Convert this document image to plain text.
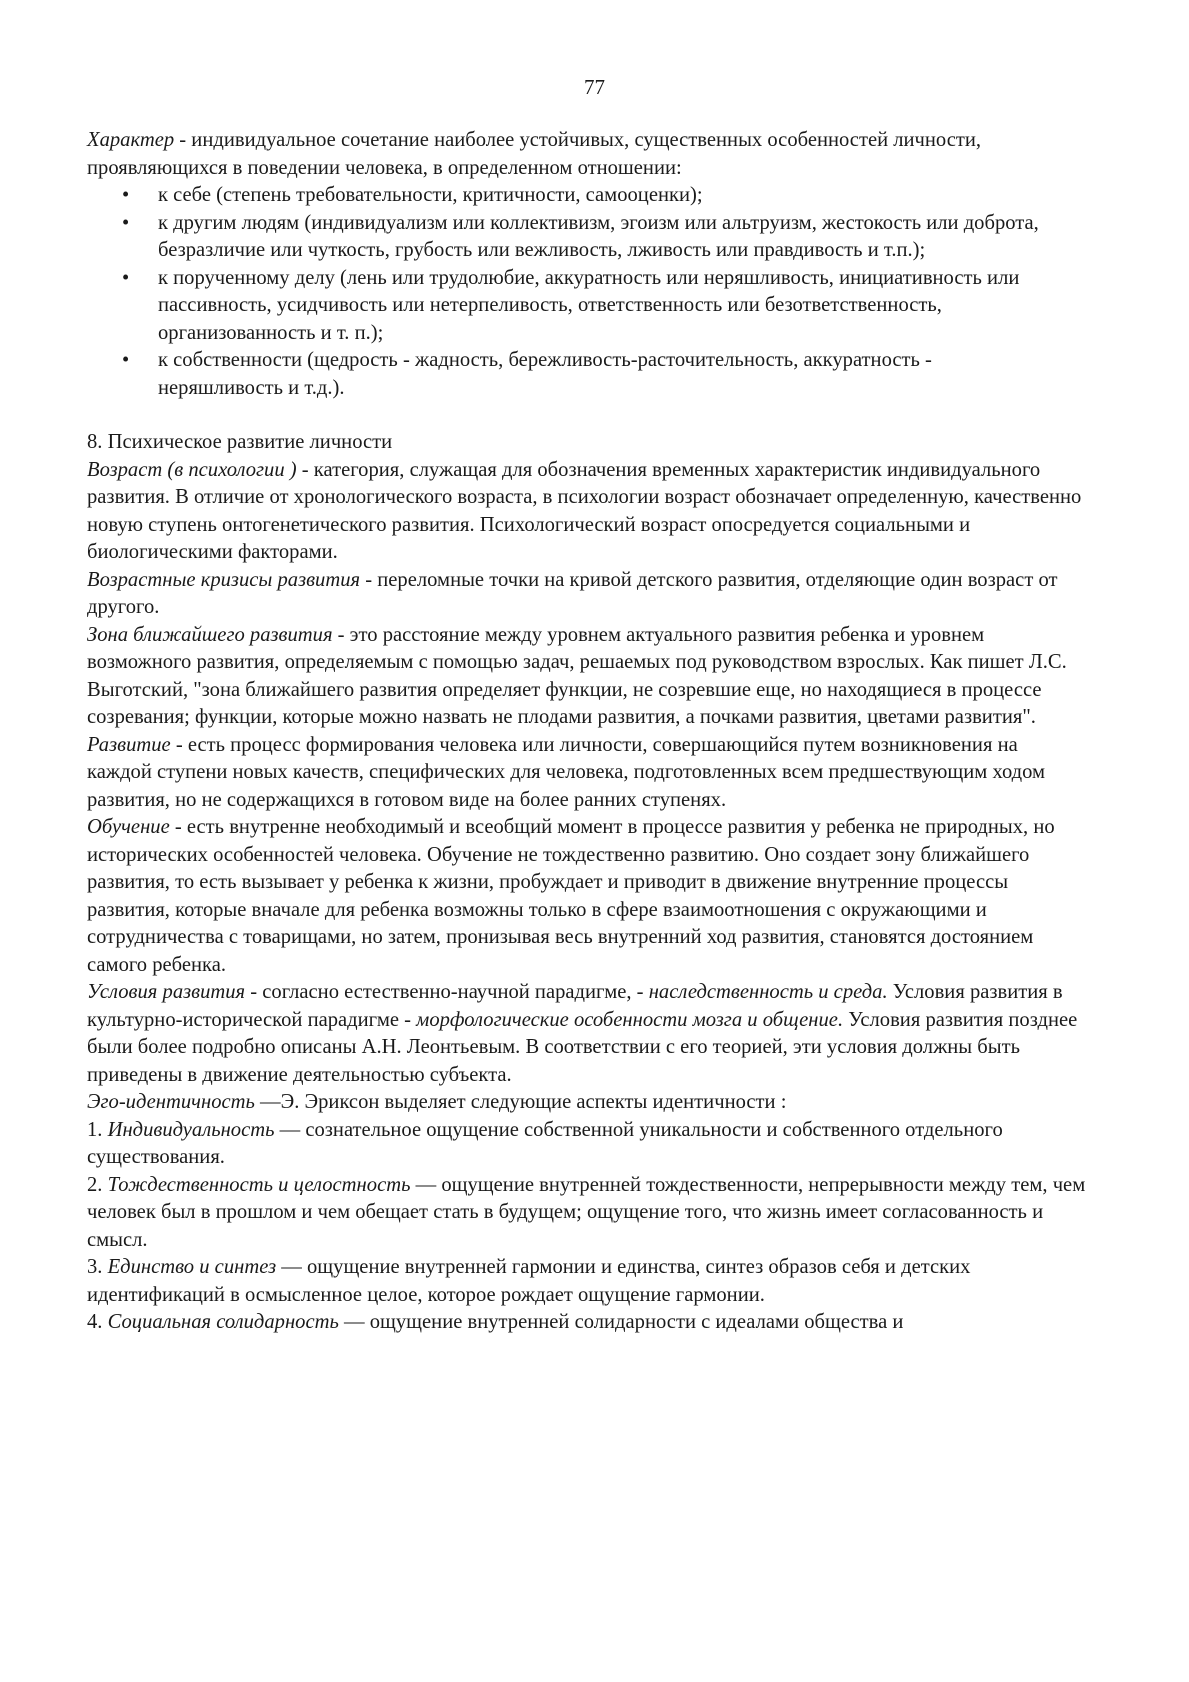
77

Характер - индивидуальное сочетание наиболее устойчивых, существенных особенностей личности, проявляющихся в поведении человека, в определенном отношении:

• к себе (степень требовательности, критичности, самооценки);
• к другим людям (индивидуализм или коллективизм, эгоизм или альтруизм, жестокость или доброта, безразличие или чуткость, грубость или вежливость, лживость или правдивость и т.п.);
• к порученному делу (лень или трудолюбие, аккуратность или неряшливость, инициативность или пассивность, усидчивость или нетерпеливость, ответственность или безответственность, организованность и т. п.);
• к собственности (щедрость - жадность, бережливость-расточительность, аккуратность - неряшливость и т.д.).

8. Психическое развитие личности

Возраст (в психологии ) - категория, служащая для обозначения временных характеристик индивидуального развития. В отличие от хронологического возраста, в психологии возраст обозначает определенную, качественно новую ступень онтогенетического развития. Психологический возраст опосредуется социальными и биологическими факторами.

Возрастные кризисы развития - переломные точки на кривой детского развития, отделяющие один возраст от другого.

Зона ближайшего развития - это расстояние между уровнем актуального развития ребенка и уровнем возможного развития, определяемым с помощью задач, решаемых под руководством взрослых. Как пишет Л.С. Выготский, "зона ближайшего развития определяет функции, не созревшие еще, но находящиеся в процессе созревания; функции, которые можно назвать не плодами развития, а почками развития, цветами развития".

Развитие - есть процесс формирования человека или личности, совершающийся путем возникновения на каждой ступени новых качеств, специфических для человека, подготовленных всем предшествующим ходом развития, но не содержащихся в готовом виде на более ранних ступенях.

Обучение - есть внутренне необходимый и всеобщий момент в процессе развития у ребенка не природных, но исторических особенностей человека. Обучение не тождественно развитию. Оно создает зону ближайшего развития, то есть вызывает у ребенка к жизни, пробуждает и приводит в движение внутренние процессы развития, которые вначале для ребенка возможны только в сфере взаимоотношения с окружающими и сотрудничества с товарищами, но затем, пронизывая весь внутренний ход развития, становятся достоянием самого ребенка.

Условия развития - согласно естественно-научной парадигме, - наследственность и среда. Условия развития в культурно-исторической парадигме - морфологические особенности мозга и общение. Условия развития позднее были более подробно описаны А.Н. Леонтьевым. В соответствии с его теорией, эти условия должны быть приведены в движение деятельностью субъекта.

Эго-идентичность —Э. Эриксон выделяет следующие аспекты идентичности :

1. Индивидуальность — сознательное ощущение собственной уникальности и собственного отдельного существования.

2. Тождественность и целостность — ощущение внутренней тождественности, непрерывности между тем, чем человек был в прошлом и чем обещает стать в будущем; ощущение того, что жизнь имеет согласованность и смысл.

3. Единство и синтез — ощущение внутренней гармонии и единства, синтез образов себя и детских идентификаций в осмысленное целое, которое рождает ощущение гармонии.

4. Социальная солидарность — ощущение внутренней солидарности с идеалами общества и
